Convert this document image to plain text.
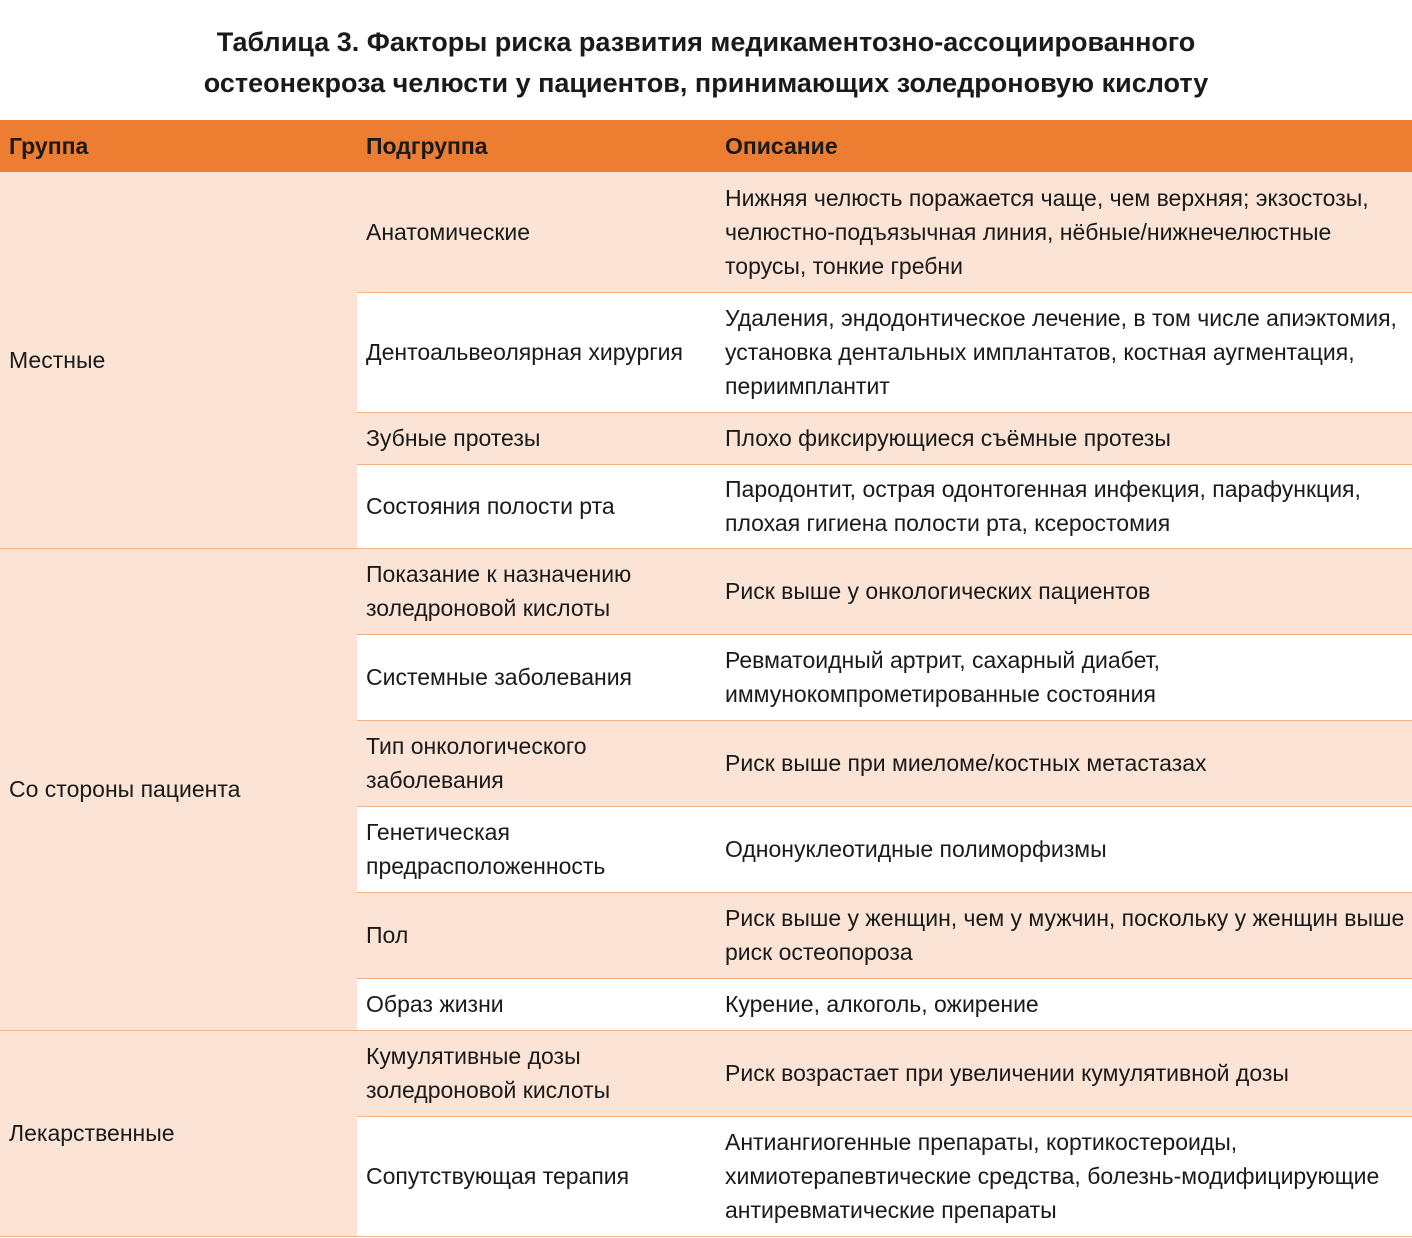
Таблица 3. Факторы риска развития медикаментозно-ассоциированного
остеонекроза челюсти у пациентов, принимающих золедроновую кислоту
Группа	Подгруппа	Описание
Местные	Анатомические	Нижняя челюсть поражается чаще, чем верхняя; экзостозы, челюстно-подъязычная линия, нёбные/нижнечелюстные торусы, тонкие гребни
	Дентоальвеолярная хирургия	Удаления, эндодонтическое лечение, в том числе апиэктомия, установка дентальных имплантатов, костная аугментация, периимплантит
	Зубные протезы	Плохо фиксирующиеся съёмные протезы
	Состояния полости рта	Пародонтит, острая одонтогенная инфекция, парафункция, плохая гигиена полости рта, ксеростомия
Со стороны пациента	Показание к назначению золедроновой кислоты	Риск выше у онкологических пациентов
	Системные заболевания	Ревматоидный артрит, сахарный диабет, иммунокомпрометированные состояния
	Тип онкологического заболевания	Риск выше при миеломе/костных метастазах
	Генетическая предрасположенность	Однонуклеотидные полиморфизмы
	Пол	Риск выше у женщин, чем у мужчин, поскольку у женщин выше риск остеопороза
	Образ жизни	Курение, алкоголь, ожирение
Лекарственные	Кумулятивные дозы золедроновой кислоты	Риск возрастает при увеличении кумулятивной дозы
	Сопутствующая терапия	Антиангиогенные препараты, кортикостероиды, химиотерапевтические средства, болезнь-модифицирующие антиревматические препараты
